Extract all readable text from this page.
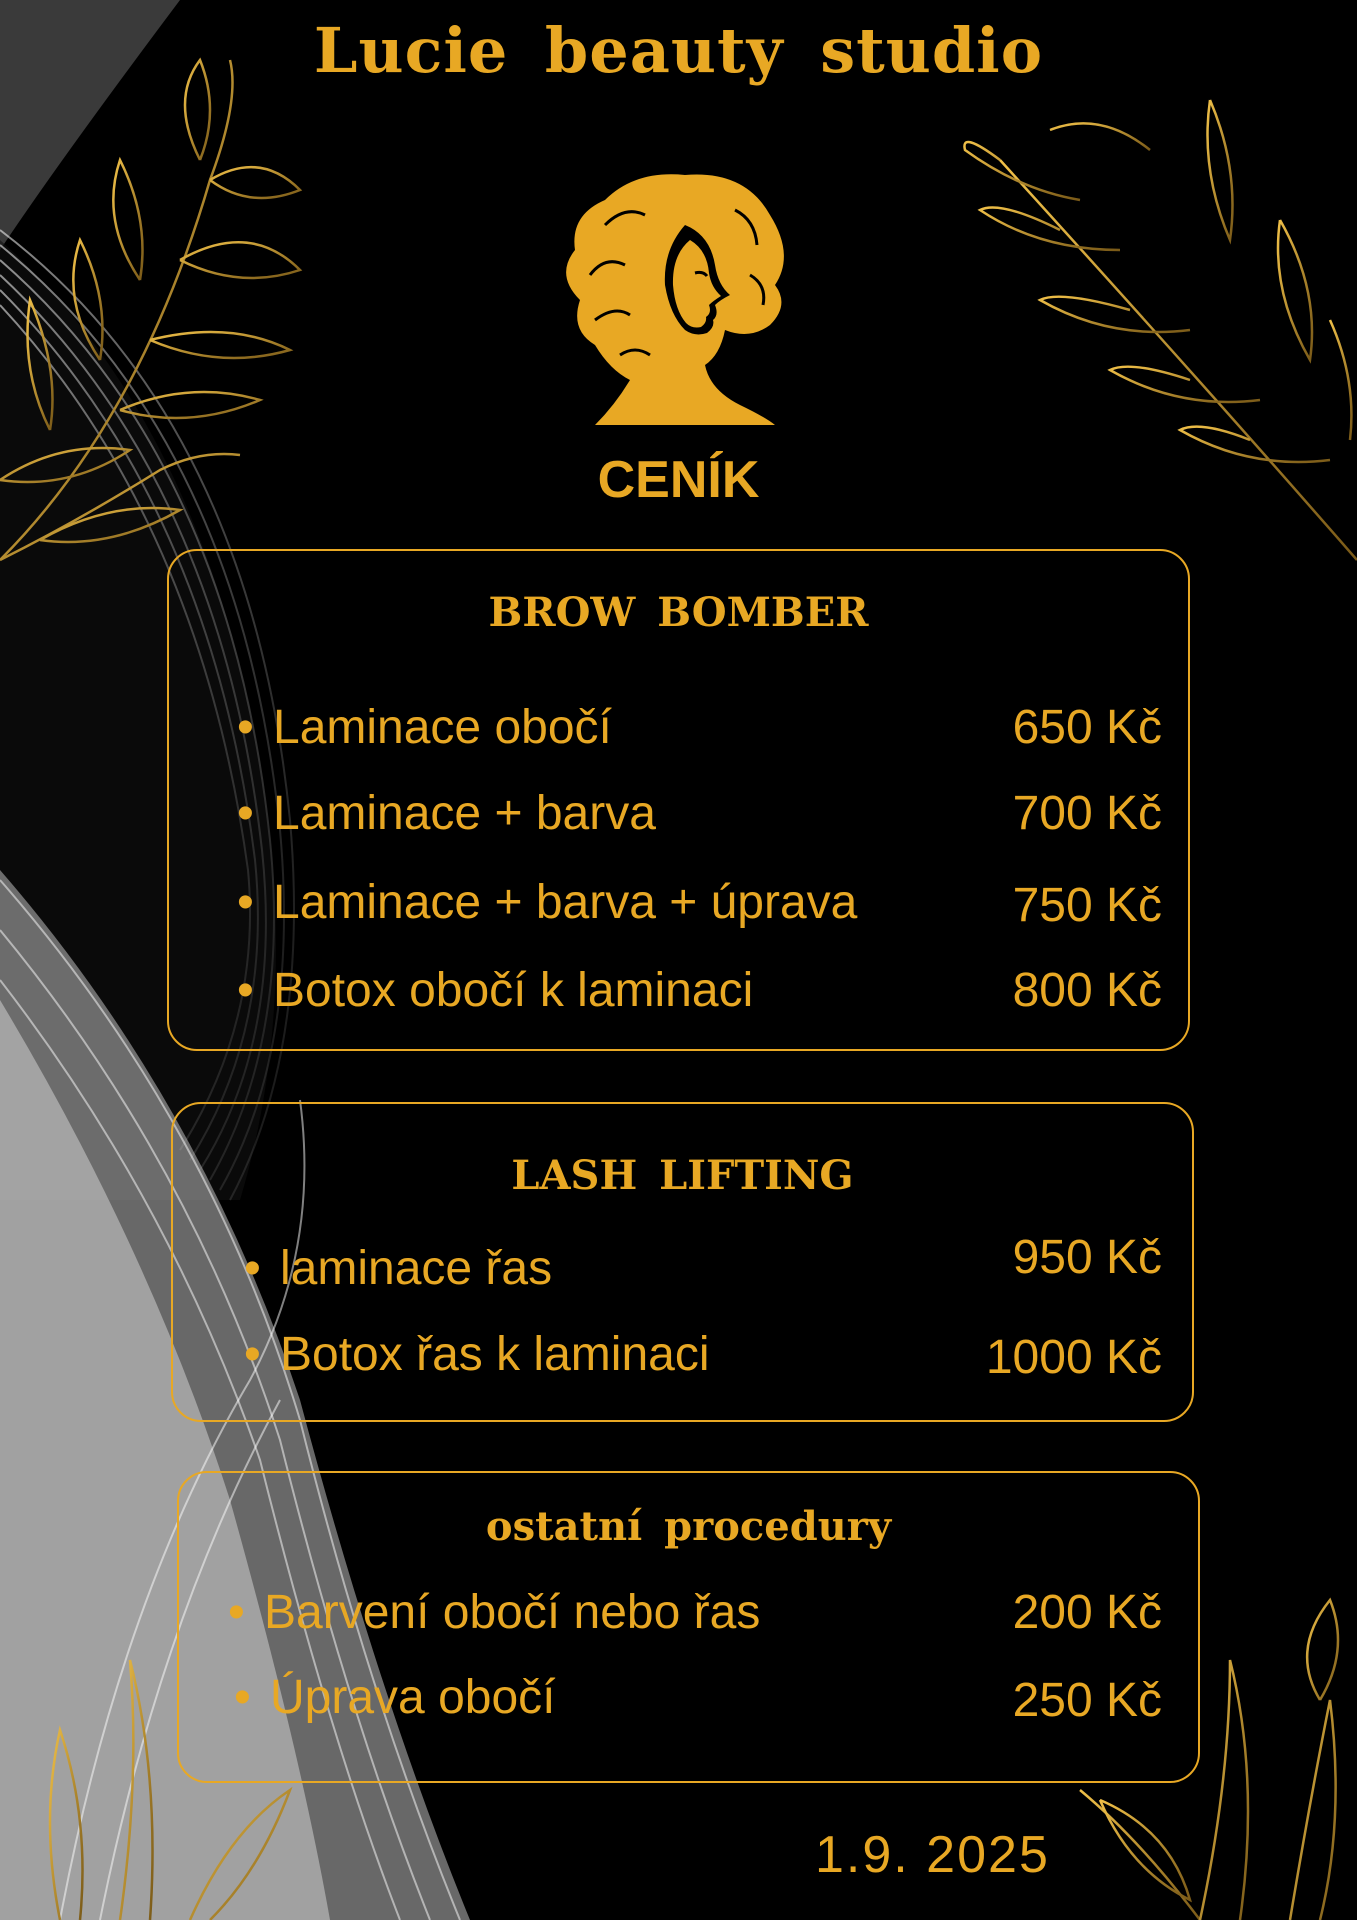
Lucie beauty studio
CENÍK
BROW BOMBER
• Laminace obočí	650 Kč
• Laminace + barva	700 Kč
• Laminace + barva + úprava	750 Kč
• Botox obočí k laminaci	800 Kč
LASH LIFTING
• laminace řas	950 Kč
• Botox řas k laminaci	1000 Kč
ostatní procedury
• Barvení obočí nebo řas	200 Kč
• Úprava obočí	250 Kč
1.9. 2025
